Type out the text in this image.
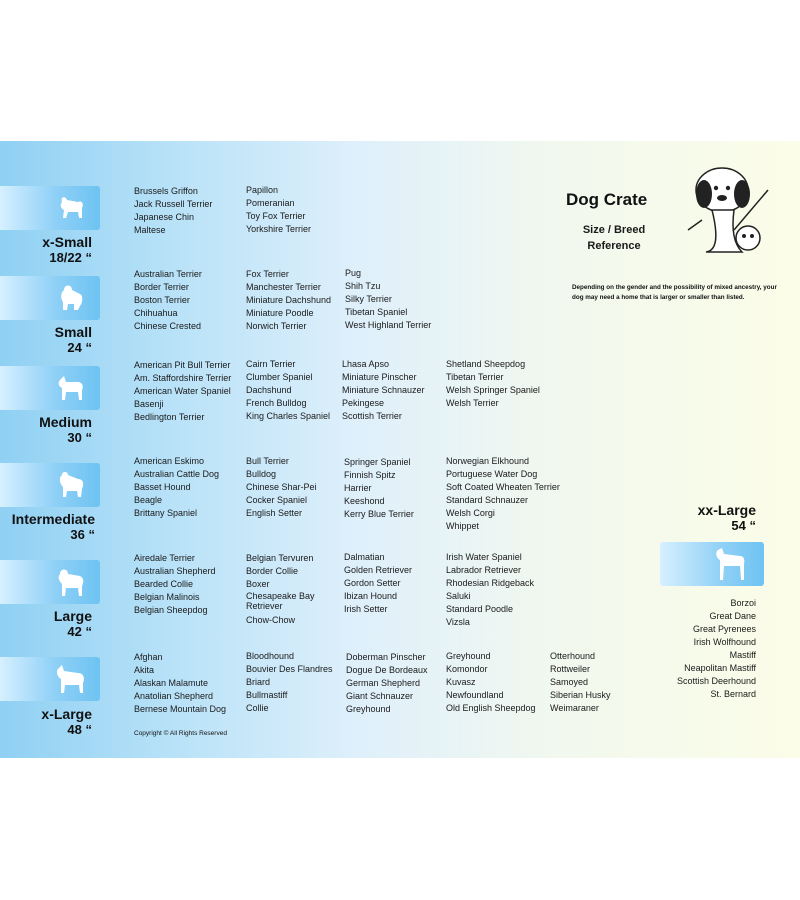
Dog Crate
Size / Breed Reference
Depending on the gender and the possibility of mixed ancestry, your dog may need a home that is larger or smaller than listed.
x-Small
18/22 “
Brussels Griffon
Jack Russell Terrier
Japanese Chin
Maltese
Papillon
Pomeranian
Toy Fox Terrier
Yorkshire Terrier
Small
24 “
Australian Terrier
Border Terrier
Boston Terrier
Chihuahua
Chinese Crested
Fox Terrier
Manchester Terrier
Miniature Dachshund
Miniature Poodle
Norwich Terrier
Pug
Shih Tzu
Silky Terrier
Tibetan Spaniel
West Highland Terrier
Medium
30 “
American Pit Bull Terrier
Am. Staffordshire Terrier
American Water Spaniel
Basenji
Bedlington Terrier
Cairn Terrier
Clumber Spaniel
Dachshund
French Bulldog
King Charles Spaniel
Lhasa Apso
Miniature Pinscher
Miniature Schnauzer
Pekingese
Scottish Terrier
Shetland Sheepdog
Tibetan Terrier
Welsh Springer Spaniel
Welsh Terrier
Intermediate
36 “
American Eskimo
Australian Cattle Dog
Basset Hound
Beagle
Brittany Spaniel
Bull Terrier
Bulldog
Chinese Shar-Pei
Cocker Spaniel
English Setter
Springer Spaniel
Finnish Spitz
Harrier
Keeshond
Kerry Blue Terrier
Norwegian Elkhound
Portuguese Water Dog
Soft Coated Wheaten Terrier
Standard Schnauzer
Welsh Corgi
Whippet
Large
42 “
Airedale Terrier
Australian Shepherd
Bearded Collie
Belgian Malinois
Belgian Sheepdog
Belgian Tervuren
Border Collie
Boxer
Chesapeake Bay Retriever
Chow-Chow
Dalmatian
Golden Retriever
Gordon Setter
Ibizan Hound
Irish Setter
Irish Water Spaniel
Labrador Retriever
Rhodesian Ridgeback
Saluki
Standard Poodle
Vizsla
x-Large
48 “
Afghan
Akita
Alaskan Malamute
Anatolian Shepherd
Bernese Mountain Dog
Bloodhound
Bouvier Des Flandres
Briard
Bullmastiff
Collie
Doberman Pinscher
Dogue De Bordeaux
German Shepherd
Giant Schnauzer
Greyhound
Greyhound
Komondor
Kuvasz
Newfoundland
Old English Sheepdog
Otterhound
Rottweiler
Samoyed
Siberian Husky
Weimaraner
xx-Large
54 “
Borzoi
Great Dane
Great Pyrenees
Irish Wolfhound
Mastiff
Neapolitan Mastiff
Scottish Deerhound
St. Bernard
Copyright © All Rights Reserved
